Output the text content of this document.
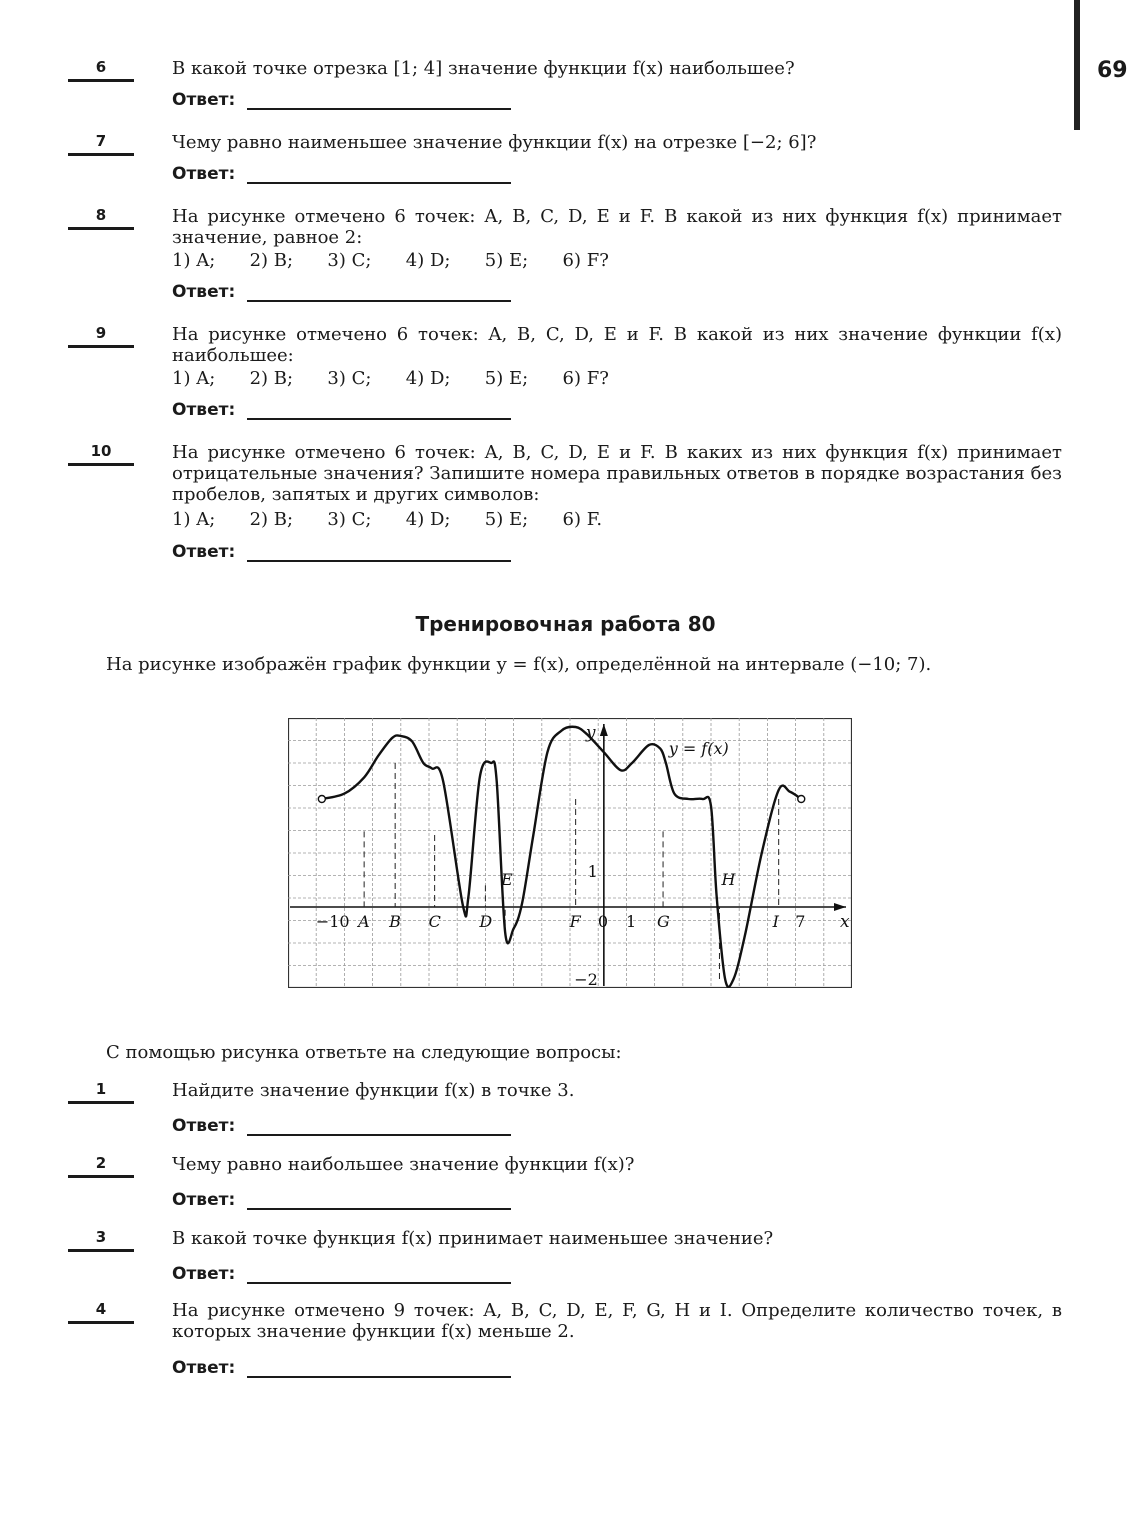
69
6	В какой точке отрезка [1; 4] значение функции f(x) наибольшее?
Ответ:
7	Чему равно наименьшее значение функции f(x) на отрезке [−2; 6]?
Ответ:
8	На рисунке отмечено 6 точек: A, B, C, D, E и F. В какой из них функция f(x) принимает значение, равное 2:
1) A;      2) B;      3) C;      4) D;      5) E;      6) F?
Ответ:
9	На рисунке отмечено 6 точек: A, B, C, D, E и F. В какой из них значение функции f(x) наибольшее:
1) A;      2) B;      3) C;      4) D;      5) E;      6) F?
Ответ:
10	На рисунке отмечено 6 точек: A, B, C, D, E и F. В каких из них функция f(x) принимает отрицательные значения? Запишите номера правильных ответов в порядке возрастания без пробелов, запятых и других символов:
1) A;      2) B;      3) C;      4) D;      5) E;      6) F.
Ответ:
Тренировочная работа 80
На рисунке изображён график функции y = f(x), определённой на интервале (−10; 7).
x
y
−10	0 1	7
1
−2
A B C D
E
F	G
H
I
y = f(x)
С помощью рисунка ответьте на следующие вопросы:
1	Найдите значение функции f(x) в точке 3.
Ответ:
2	Чему равно наибольшее значение функции f(x)?
Ответ:
3	В какой точке функция f(x) принимает наименьшее значение?
Ответ:
4	На рисунке отмечено 9 точек: A, B, C, D, E, F, G, H и I. Определите количество точек, в которых значение функции f(x) меньше 2.
Ответ:
